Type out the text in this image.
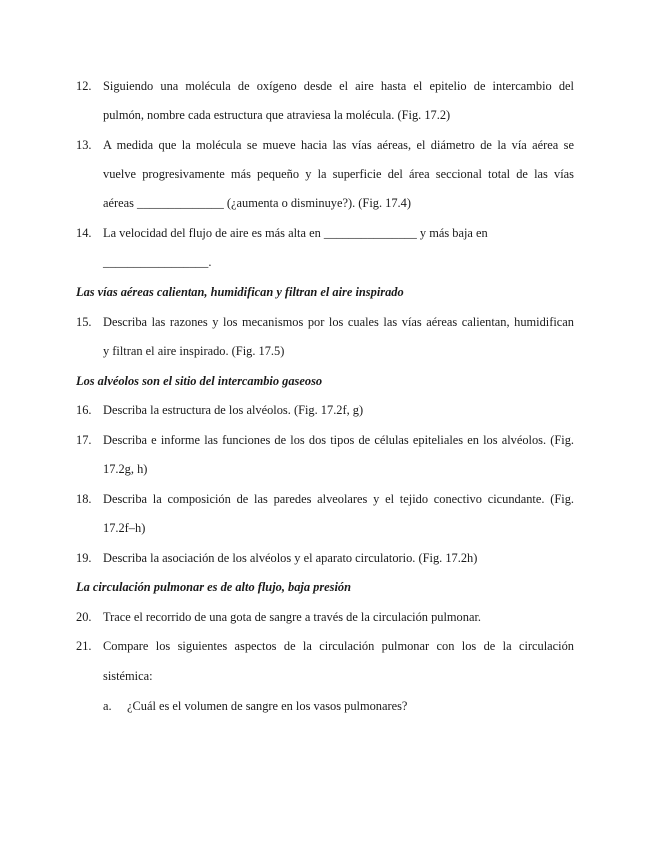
12. Siguiendo una molécula de oxígeno desde el aire hasta el epitelio de intercambio del
pulmón, nombre cada estructura que atraviesa la molécula. (Fig. 17.2)
13. A medida que la molécula se mueve hacia las vías aéreas, el diámetro de la vía aérea se
vuelve progresivamente más pequeño y la superficie del área seccional total de las vías
aéreas ______________ (¿aumenta o disminuye?). (Fig. 17.4)
14. La velocidad del flujo de aire es más alta en _______________ y más baja en
_________________.
Las vías aéreas calientan, humidifican y filtran el aire inspirado
15. Describa las razones y los mecanismos por los cuales las vías aéreas calientan, humidifican
y filtran el aire inspirado. (Fig. 17.5)
Los alvéolos son el sitio del intercambio gaseoso
16. Describa la estructura de los alvéolos. (Fig. 17.2f, g)
17. Describa e informe las funciones de los dos tipos de células epiteliales en los alvéolos. (Fig.
17.2g, h)
18. Describa la composición de las paredes alveolares y el tejido conectivo cicundante. (Fig.
17.2f–h)
19. Describa la asociación de los alvéolos y el aparato circulatorio. (Fig. 17.2h)
La circulación pulmonar es de alto flujo, baja presión
20. Trace el recorrido de una gota de sangre a través de la circulación pulmonar.
21. Compare los siguientes aspectos de la circulación pulmonar con los de la circulación
sistémica:
a. ¿Cuál es el volumen de sangre en los vasos pulmonares?
